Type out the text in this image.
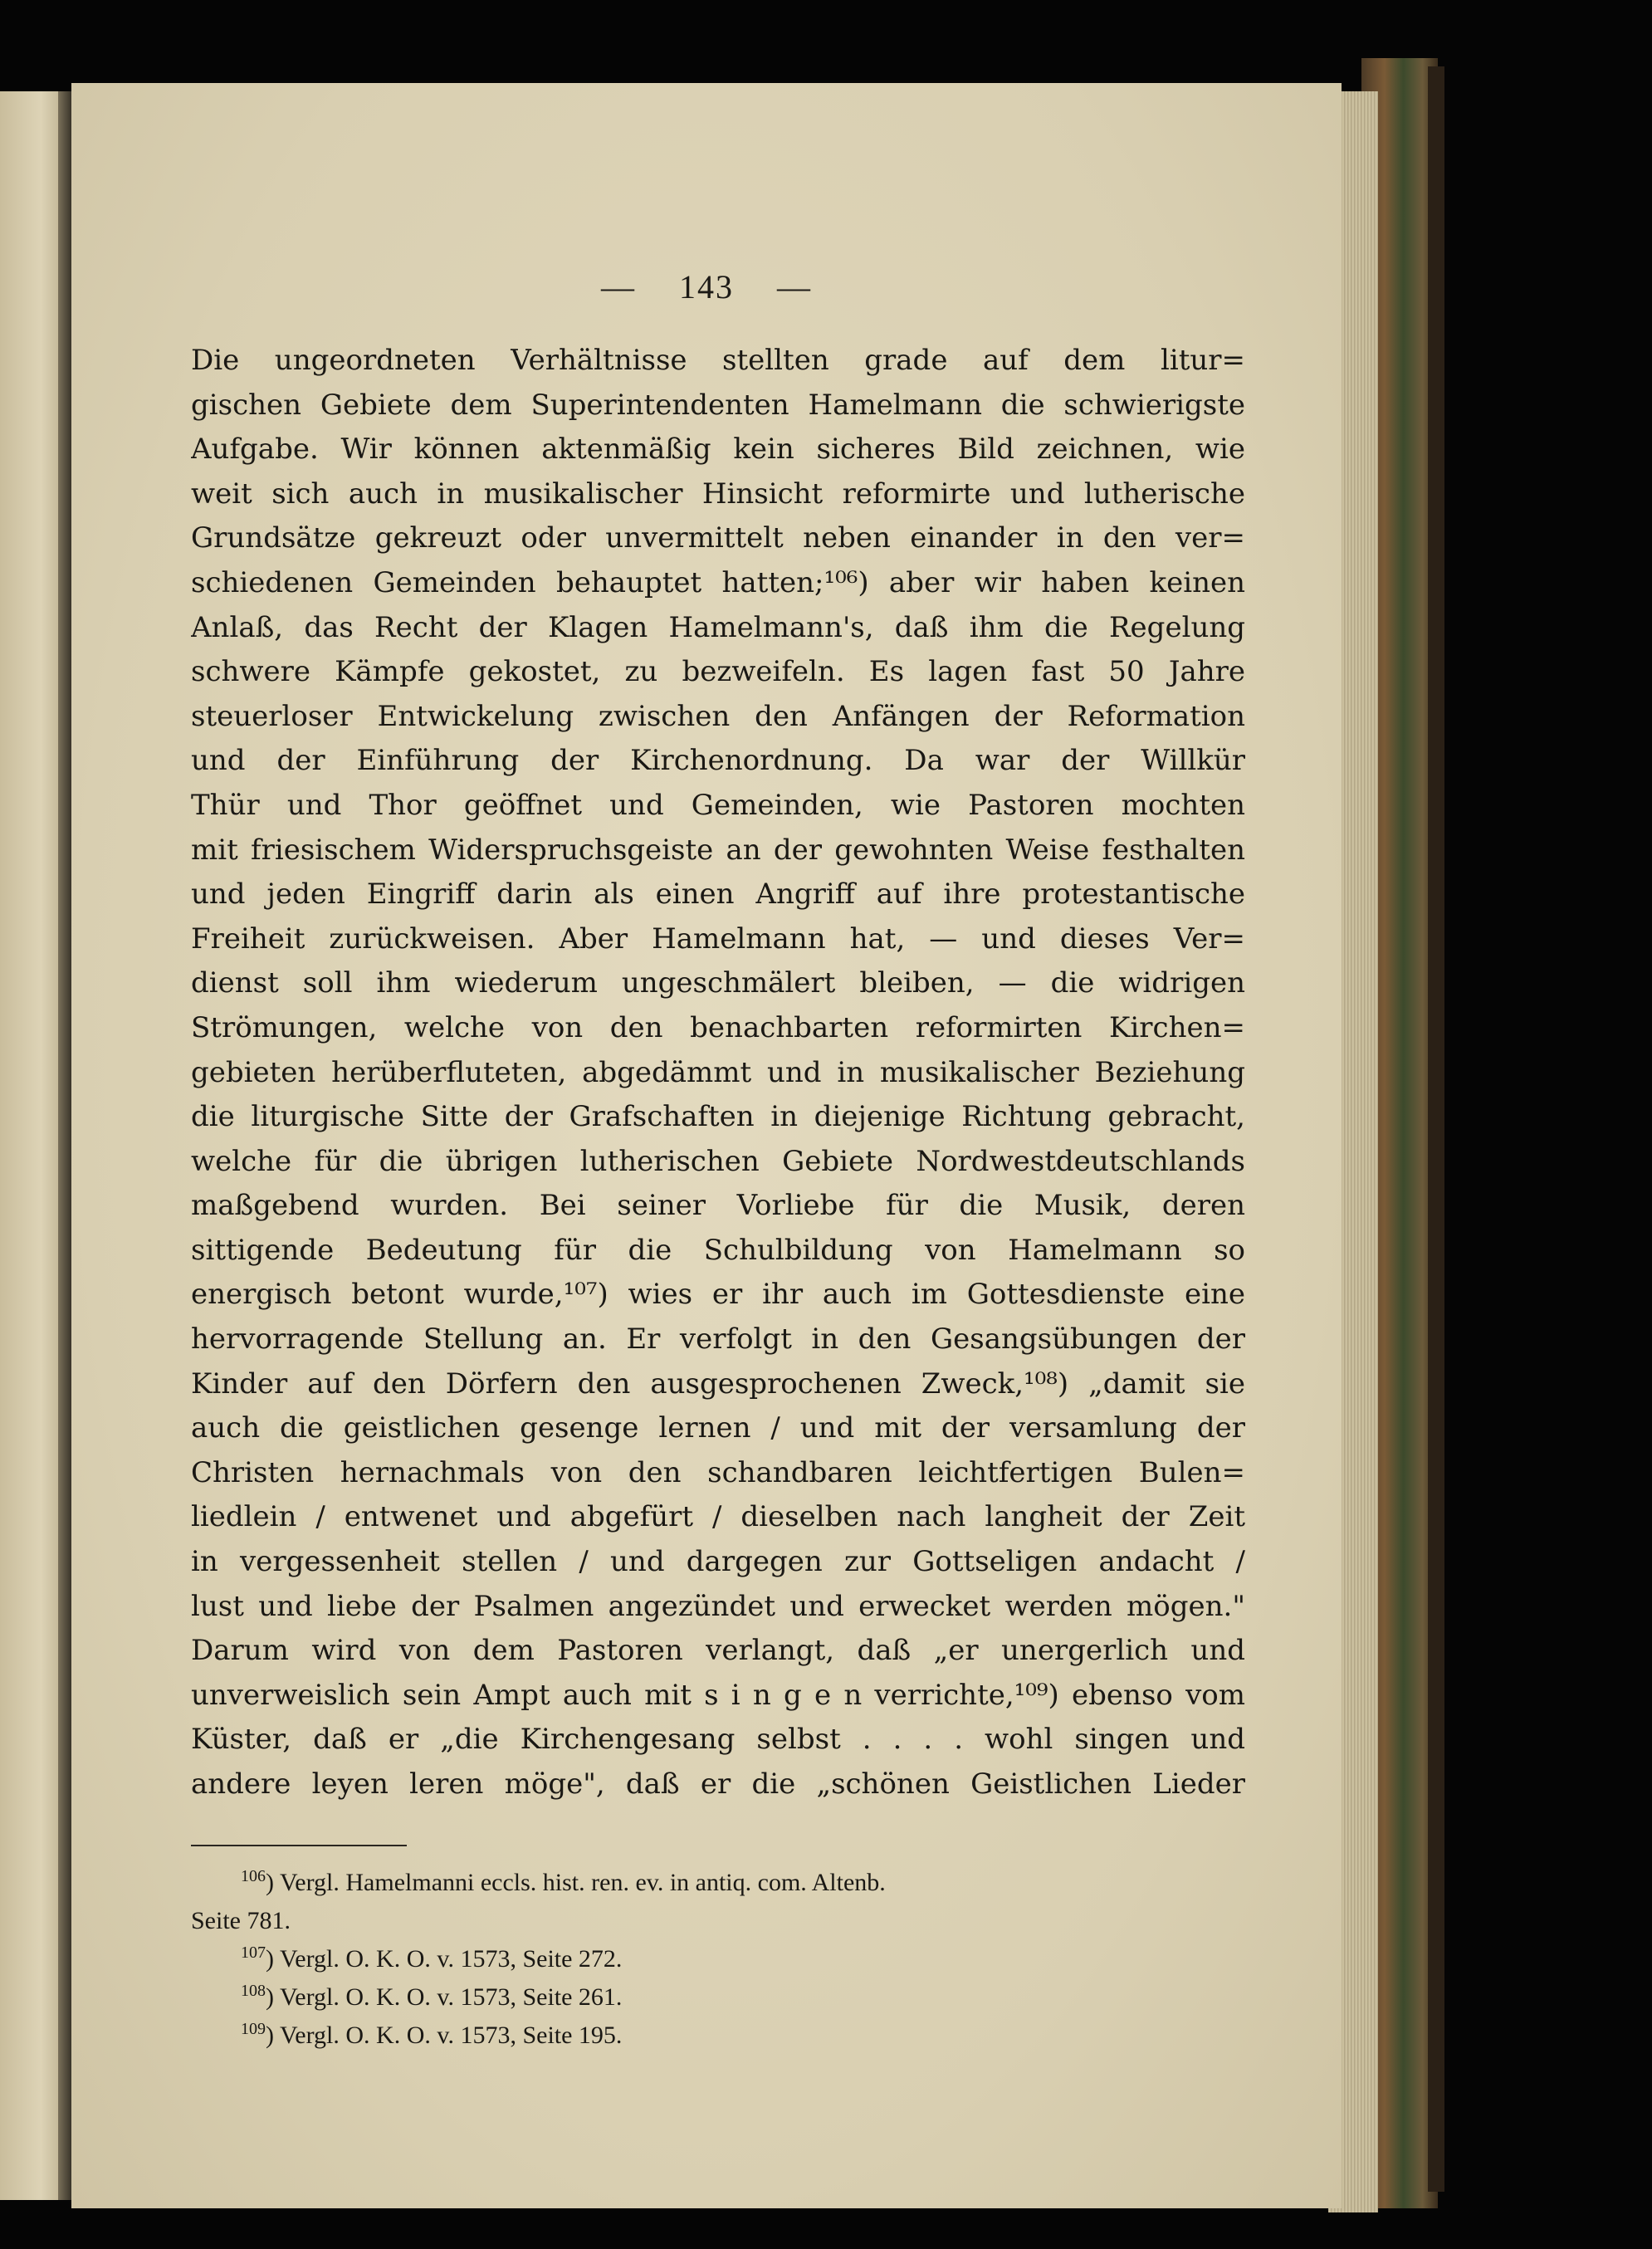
— 143 —
Die ungeordneten Verhältnisse stellten grade auf dem litur=
gischen Gebiete dem Superintendenten Hamelmann die schwierigste
Aufgabe. Wir können aktenmäßig kein sicheres Bild zeichnen, wie
weit sich auch in musikalischer Hinsicht reformirte und lutherische
Grundsätze gekreuzt oder unvermittelt neben einander in den ver=
schiedenen Gemeinden behauptet hatten;¹⁰⁶) aber wir haben keinen
Anlaß, das Recht der Klagen Hamelmann's, daß ihm die Regelung
schwere Kämpfe gekostet, zu bezweifeln. Es lagen fast 50 Jahre
steuerloser Entwickelung zwischen den Anfängen der Reformation
und der Einführung der Kirchenordnung. Da war der Willkür
Thür und Thor geöffnet und Gemeinden, wie Pastoren mochten
mit friesischem Widerspruchsgeiste an der gewohnten Weise festhalten
und jeden Eingriff darin als einen Angriff auf ihre protestantische
Freiheit zurückweisen. Aber Hamelmann hat, — und dieses Ver=
dienst soll ihm wiederum ungeschmälert bleiben, — die widrigen
Strömungen, welche von den benachbarten reformirten Kirchen=
gebieten herüberfluteten, abgedämmt und in musikalischer Beziehung
die liturgische Sitte der Grafschaften in diejenige Richtung gebracht,
welche für die übrigen lutherischen Gebiete Nordwestdeutschlands
maßgebend wurden. Bei seiner Vorliebe für die Musik, deren
sittigende Bedeutung für die Schulbildung von Hamelmann so
energisch betont wurde,¹⁰⁷) wies er ihr auch im Gottesdienste eine
hervorragende Stellung an. Er verfolgt in den Gesangsübungen der
Kinder auf den Dörfern den ausgesprochenen Zweck,¹⁰⁸) „damit sie
auch die geistlichen gesenge lernen / und mit der versamlung der
Christen hernachmals von den schandbaren leichtfertigen Bulen=
liedlein / entwenet und abgefürt / dieselben nach langheit der Zeit
in vergessenheit stellen / und dargegen zur Gottseligen andacht /
lust und liebe der Psalmen angezündet und erwecket werden mögen."
Darum wird von dem Pastoren verlangt, daß „er unergerlich und
unverweislich sein Ampt auch mit s i n g e n verrichte,¹⁰⁹) ebenso vom
Küster, daß er „die Kirchengesang selbst . . . . wohl singen und
andere leyen leren möge", daß er die „schönen Geistlichen Lieder
$^{106}$) Vergl. Hamelmanni eccls. hist. ren. ev. in antiq. com. Altenb.
Seite 781.
$^{107}$) Vergl. O. K. O. v. 1573, Seite 272.
$^{108}$) Vergl. O. K. O. v. 1573, Seite 261.
$^{109}$) Vergl. O. K. O. v. 1573, Seite 195.
